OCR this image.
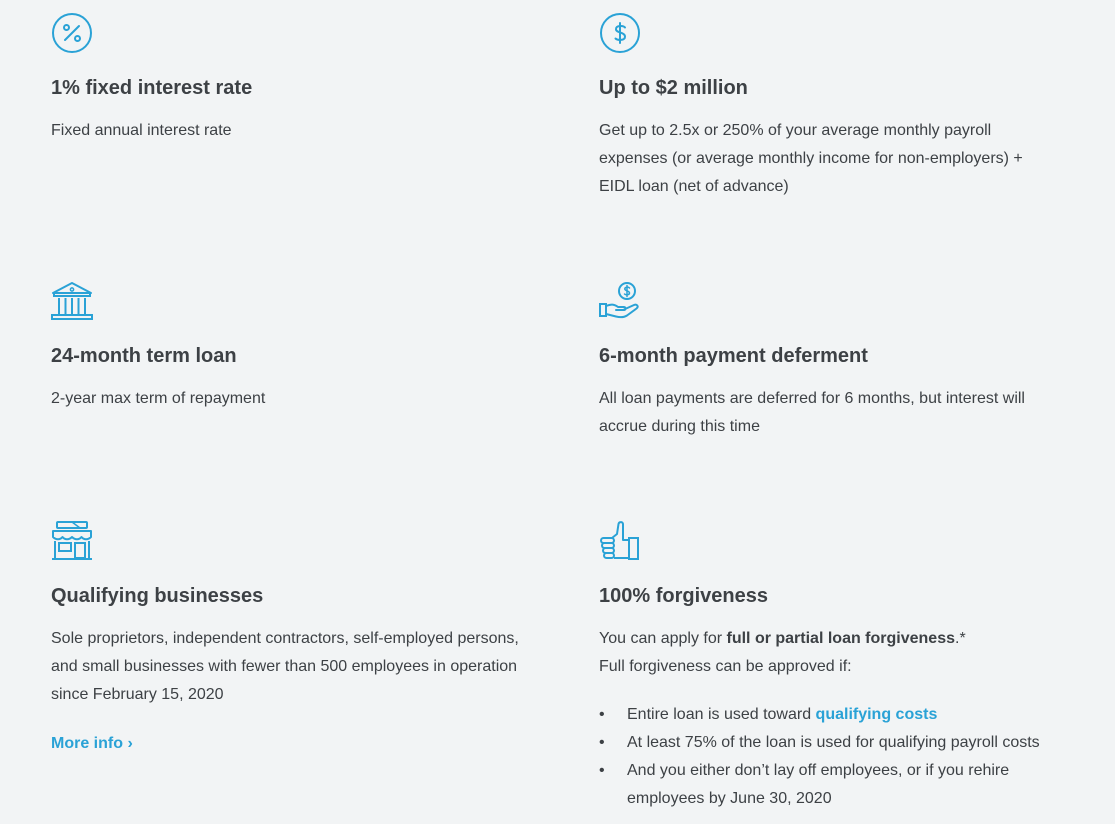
1% fixed interest rate

Fixed annual interest rate

Up to $2 million

Get up to 2.5x or 250% of your average monthly payroll expenses (or average monthly income for non-employers) + EIDL loan (net of advance)

24-month term loan

2-year max term of repayment

6-month payment deferment

All loan payments are deferred for 6 months, but interest will accrue during this time

Qualifying businesses

Sole proprietors, independent contractors, self-employed persons, and small businesses with fewer than 500 employees in operation since February 15, 2020

More info ›
100% forgiveness

You can apply for full or partial loan forgiveness.*
Full forgiveness can be approved if:

• Entire loan is used toward qualifying costs
• At least 75% of the loan is used for qualifying payroll costs
• And you either don’t lay off employees, or if you rehire employees by June 30, 2020
